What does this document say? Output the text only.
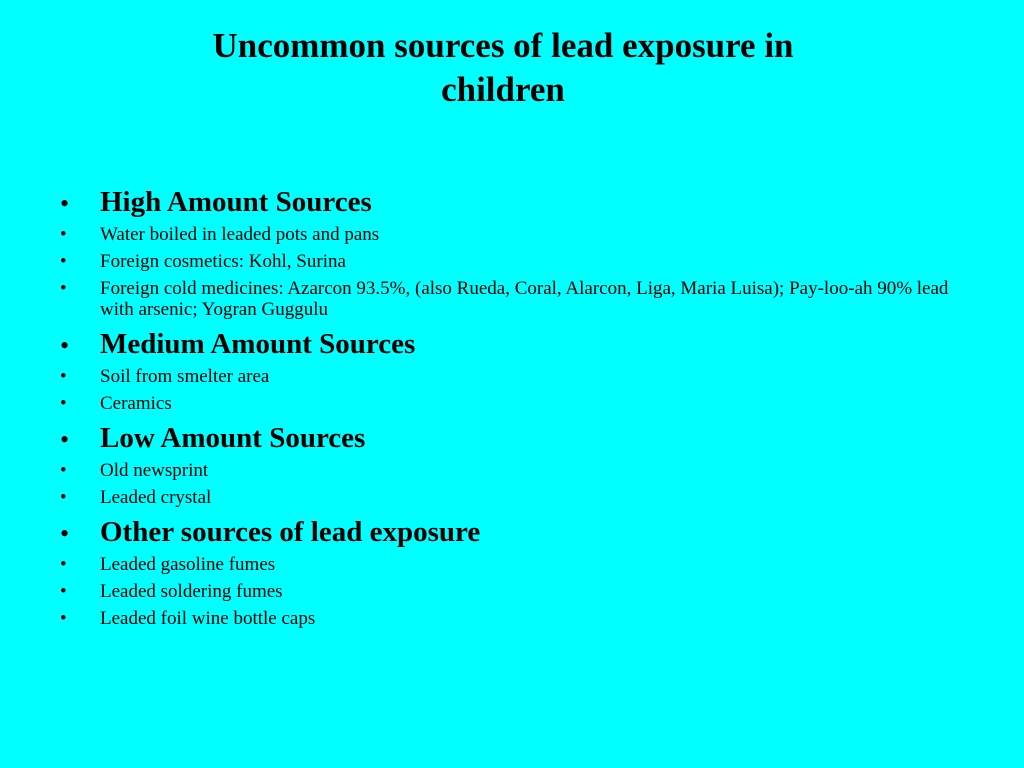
Uncommon sources of lead exposure in children
• High Amount Sources
• Water boiled in leaded pots and pans
• Foreign cosmetics: Kohl, Surina
• Foreign cold medicines: Azarcon 93.5%, (also Rueda, Coral, Alarcon, Liga, Maria Luisa); Pay-loo-ah 90% lead with arsenic; Yogran Guggulu
• Medium Amount Sources
• Soil from smelter area
• Ceramics
• Low Amount Sources
• Old newsprint
• Leaded crystal
• Other sources of lead exposure
• Leaded gasoline fumes
• Leaded soldering fumes
• Leaded foil wine bottle caps
